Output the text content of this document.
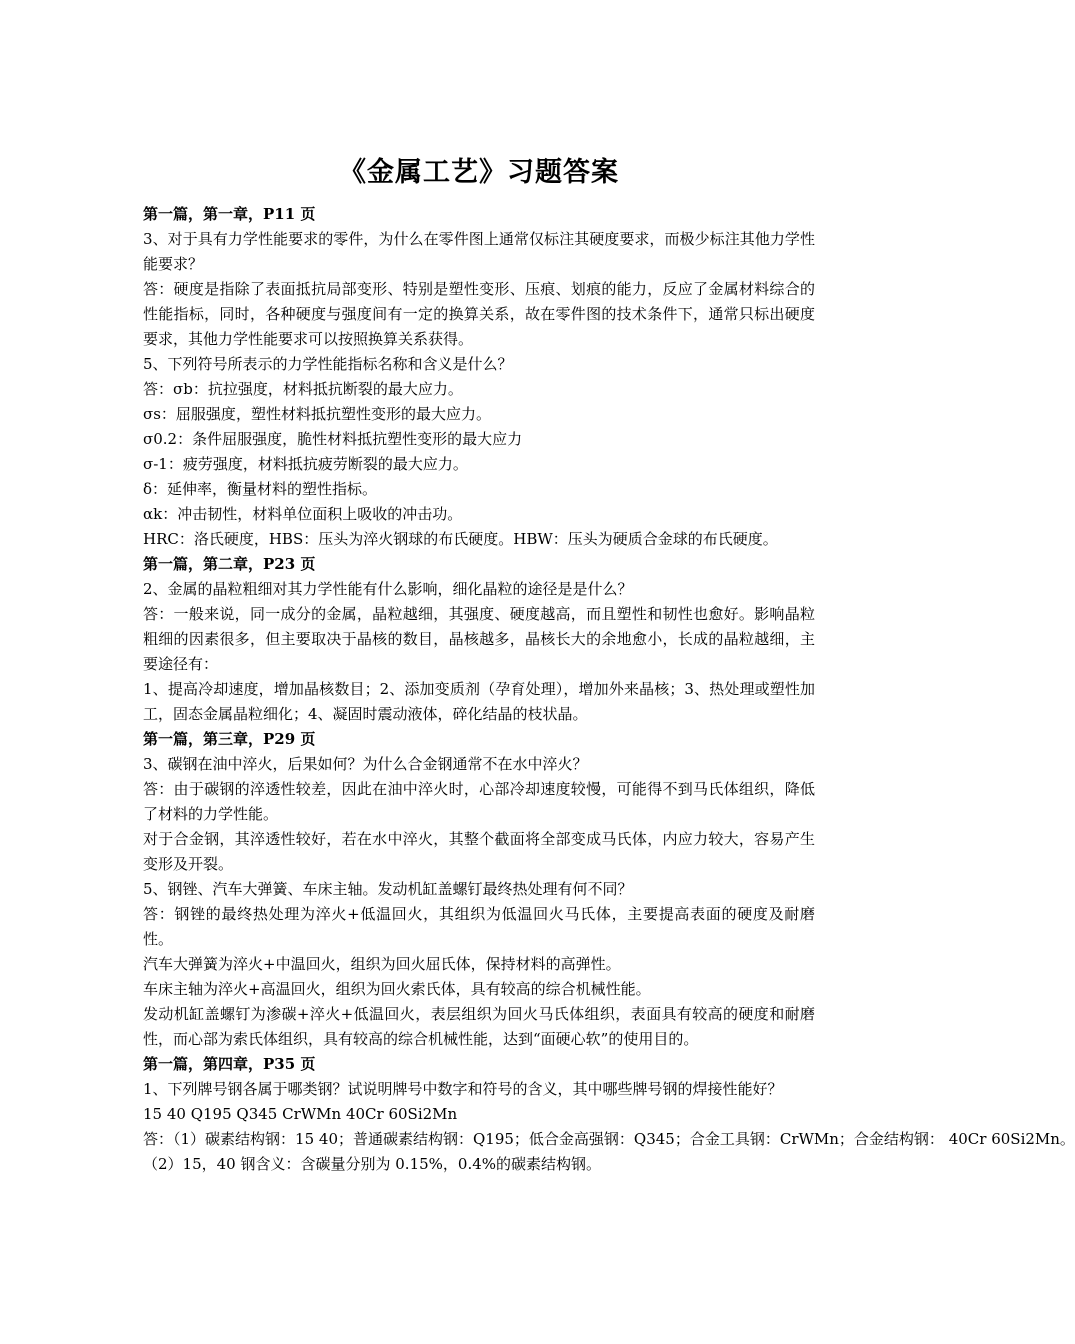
《金属工艺》习题答案

第一篇，第一章，P11 页

3、对于具有力学性能要求的零件，为什么在零件图上通常仅标注其硬度要求，而极少标注其他力学性能要求？

答：硬度是指除了表面抵抗局部变形、特别是塑性变形、压痕、划痕的能力，反应了金属材料综合的性能指标，同时，各种硬度与强度间有一定的换算关系，故在零件图的技术条件下，通常只标出硬度要求，其他力学性能要求可以按照换算关系获得。

5、下列符号所表示的力学性能指标名称和含义是什么？

答：σb：抗拉强度，材料抵抗断裂的最大应力。

σs：屈服强度，塑性材料抵抗塑性变形的最大应力。

σ0.2：条件屈服强度，脆性材料抵抗塑性变形的最大应力

σ-1：疲劳强度，材料抵抗疲劳断裂的最大应力。

δ：延伸率，衡量材料的塑性指标。

αk：冲击韧性，材料单位面积上吸收的冲击功。

HRC：洛氏硬度，HBS：压头为淬火钢球的布氏硬度。HBW：压头为硬质合金球的布氏硬度。

第一篇，第二章，P23 页

2、金属的晶粒粗细对其力学性能有什么影响，细化晶粒的途径是是什么？

答：一般来说，同一成分的金属，晶粒越细，其强度、硬度越高，而且塑性和韧性也愈好。影响晶粒粗细的因素很多，但主要取决于晶核的数目，晶核越多，晶核长大的余地愈小，长成的晶粒越细，主要途径有：

1、提高冷却速度，增加晶核数目；2、添加变质剂（孕育处理），增加外来晶核；3、热处理或塑性加工，固态金属晶粒细化；4、凝固时震动液体，碎化结晶的枝状晶。

第一篇，第三章，P29 页

3、碳钢在油中淬火，后果如何？为什么合金钢通常不在水中淬火？

答：由于碳钢的淬透性较差，因此在油中淬火时，心部冷却速度较慢，可能得不到马氏体组织，降低了材料的力学性能。

对于合金钢，其淬透性较好，若在水中淬火，其整个截面将全部变成马氏体，内应力较大，容易产生变形及开裂。

5、钢锉、汽车大弹簧、车床主轴。发动机缸盖螺钉最终热处理有何不同？

答：钢锉的最终热处理为淬火+低温回火，其组织为低温回火马氏体，主要提高表面的硬度及耐磨性。

汽车大弹簧为淬火+中温回火，组织为回火屈氏体，保持材料的高弹性。

车床主轴为淬火+高温回火，组织为回火索氏体，具有较高的综合机械性能。

发动机缸盖螺钉为渗碳+淬火+低温回火，表层组织为回火马氏体组织，表面具有较高的硬度和耐磨性，而心部为索氏体组织，具有较高的综合机械性能，达到“面硬心软”的使用目的。

第一篇，第四章，P35 页

1、下列牌号钢各属于哪类钢？试说明牌号中数字和符号的含义，其中哪些牌号钢的焊接性能好？

15 40 Q195 Q345 CrWMn 40Cr 60Si2Mn

答：（1）碳素结构钢：15 40；普通碳素结构钢：Q195；低合金高强钢：Q345；合金工具钢：CrWMn；合金结构钢： 40Cr 60Si2Mn。

（2）15，40 钢含义：含碳量分别为 0.15%，0.4%的碳素结构钢。
